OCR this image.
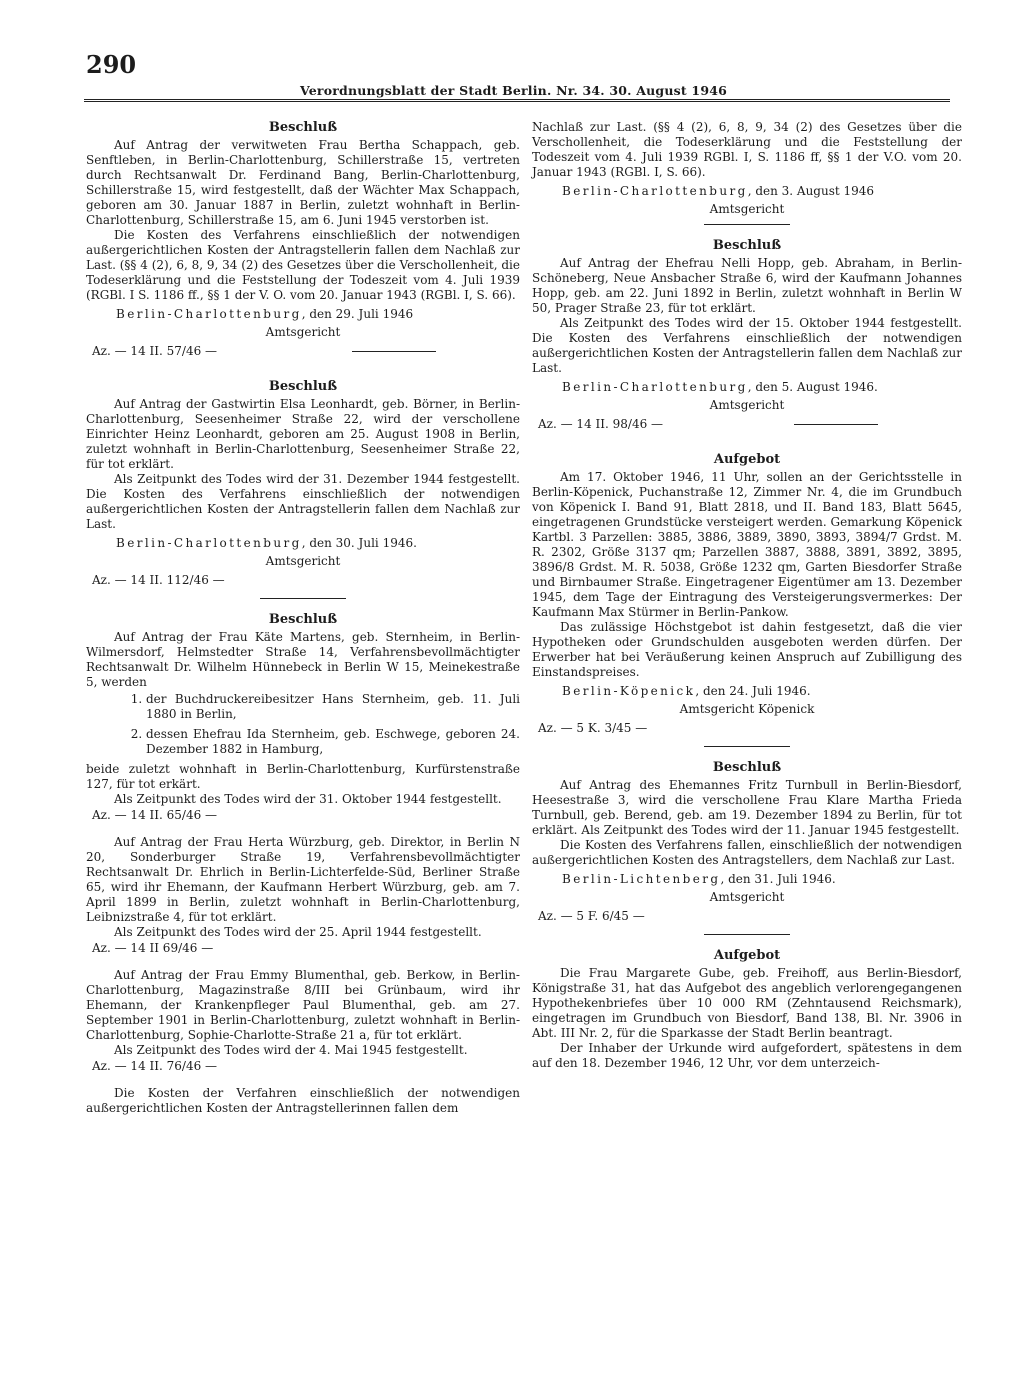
290
Verordnungsblatt der Stadt Berlin. Nr. 34. 30. August 1946
Beschluß

Auf Antrag der verwitweten Frau Bertha Schappach, geb. Senftleben, in Berlin-Charlottenburg, Schillerstraße 15, vertreten durch Rechtsanwalt Dr. Ferdinand Bang, Berlin-Charlottenburg, Schillerstraße 15, wird festgestellt, daß der Wächter Max Schappach, geboren am 30. Januar 1887 in Berlin, zuletzt wohnhaft in Berlin-Charlottenburg, Schillerstraße 15, am 6. Juni 1945 verstorben ist.

Die Kosten des Verfahrens einschließlich der notwendigen außergerichtlichen Kosten der Antragstellerin fallen dem Nachlaß zur Last. (§§ 4 (2), 6, 8, 9, 34 (2) des Gesetzes über die Verschollenheit, die Todeserklärung und die Feststellung der Todeszeit vom 4. Juli 1939 (RGBl. I S. 1186 ff., §§ 1 der V. O. vom 20. Januar 1943 (RGBl. I, S. 66).

Berlin-Charlottenburg, den 29. Juli 1946
Amtsgericht
Az. — 14 II. 57/46 —
Beschluß

Auf Antrag der Gastwirtin Elsa Leonhardt, geb. Börner, in Berlin-Charlottenburg, Seesenheimer Straße 22, wird der verschollene Einrichter Heinz Leonhardt, geboren am 25. August 1908 in Berlin, zuletzt wohnhaft in Berlin-Charlottenburg, Seesenheimer Straße 22, für tot erklärt.

Als Zeitpunkt des Todes wird der 31. Dezember 1944 festgestellt. Die Kosten des Verfahrens einschließlich der notwendigen außergerichtlichen Kosten der Antragstellerin fallen dem Nachlaß zur Last.

Berlin-Charlottenburg, den 30. Juli 1946.
Amtsgericht
Az. — 14 II. 112/46 —
Beschluß

Auf Antrag der Frau Käte Martens, geb. Sternheim, in Berlin-Wilmersdorf, Helmstedter Straße 14, Verfahrensbevollmächtigter Rechtsanwalt Dr. Wilhelm Hünnebeck in Berlin W 15, Meinekestraße 5, werden

1. der Buchdruckereibesitzer Hans Sternheim, geb. 11. Juli 1880 in Berlin,
2. dessen Ehefrau Ida Sternheim, geb. Eschwege, geboren 24. Dezember 1882 in Hamburg,

beide zuletzt wohnhaft in Berlin-Charlottenburg, Kurfürstenstraße 127, für tot erkärt.

Als Zeitpunkt des Todes wird der 31. Oktober 1944 festgestellt.

Az. — 14 II. 65/46 —

Auf Antrag der Frau Herta Würzburg, geb. Direktor, in Berlin N 20, Sonderburger Straße 19, Verfahrensbevollmächtigter Rechtsanwalt Dr. Ehrlich in Berlin-Lichterfelde-Süd, Berliner Straße 65, wird ihr Ehemann, der Kaufmann Herbert Würzburg, geb. am 7. April 1899 in Berlin, zuletzt wohnhaft in Berlin-Charlottenburg, Leibnizstraße 4, für tot erklärt.

Als Zeitpunkt des Todes wird der 25. April 1944 festgestellt.

Az. — 14 II 69/46 —

Auf Antrag der Frau Emmy Blumenthal, geb. Berkow, in Berlin-Charlottenburg, Magazinstraße 8/III bei Grünbaum, wird ihr Ehemann, der Krankenpfleger Paul Blumenthal, geb. am 27. September 1901 in Berlin-Charlottenburg, zuletzt wohnhaft in Berlin-Charlottenburg, Sophie-Charlotte-Straße 21 a, für tot erklärt.

Als Zeitpunkt des Todes wird der 4. Mai 1945 festgestellt.

Az. — 14 II. 76/46 —

Die Kosten der Verfahren einschließlich der notwendigen außergerichtlichen Kosten der Antragstellerinnen fallen dem

Nachlaß zur Last. (§§ 4 (2), 6, 8, 9, 34 (2) des Gesetzes über die Verschollenheit, die Todeserklärung und die Feststellung der Todeszeit vom 4. Juli 1939 RGBl. I, S. 1186 ff, §§ 1 der V.O. vom 20. Januar 1943 (RGBl. I, S. 66).

Berlin-Charlottenburg, den 3. August 1946
Amtsgericht
Beschluß

Auf Antrag der Ehefrau Nelli Hopp, geb. Abraham, in Berlin-Schöneberg, Neue Ansbacher Straße 6, wird der Kaufmann Johannes Hopp, geb. am 22. Juni 1892 in Berlin, zuletzt wohnhaft in Berlin W 50, Prager Straße 23, für tot erklärt.

Als Zeitpunkt des Todes wird der 15. Oktober 1944 festgestellt. Die Kosten des Verfahrens einschließlich der notwendigen außergerichtlichen Kosten der Antragstellerin fallen dem Nachlaß zur Last.

Berlin-Charlottenburg, den 5. August 1946.
Amtsgericht
Az. — 14 II. 98/46 —
Aufgebot

Am 17. Oktober 1946, 11 Uhr, sollen an der Gerichtsstelle in Berlin-Köpenick, Puchanstraße 12, Zimmer Nr. 4, die im Grundbuch von Köpenick I. Band 91, Blatt 2818, und II. Band 183, Blatt 5645, eingetragenen Grundstücke versteigert werden. Gemarkung Köpenick Kartbl. 3 Parzellen: 3885, 3886, 3889, 3890, 3893, 3894/7 Grdst. M. R. 2302, Größe 3137 qm; Parzellen 3887, 3888, 3891, 3892, 3895, 3896/8 Grdst. M. R. 5038, Größe 1232 qm, Garten Biesdorfer Straße und Birnbaumer Straße. Eingetragener Eigentümer am 13. Dezember 1945, dem Tage der Eintragung des Versteigerungsvermerkes: Der Kaufmann Max Stürmer in Berlin-Pankow.

Das zulässige Höchstgebot ist dahin festgesetzt, daß die vier Hypotheken oder Grundschulden ausgeboten werden dürfen. Der Erwerber hat bei Veräußerung keinen Anspruch auf Zubilligung des Einstandspreises.

Berlin-Köpenick, den 24. Juli 1946.
Amtsgericht Köpenick
Az. — 5 K. 3/45 —
Beschluß

Auf Antrag des Ehemannes Fritz Turnbull in Berlin-Biesdorf, Heesestraße 3, wird die verschollene Frau Klare Martha Frieda Turnbull, geb. Berend, geb. am 19. Dezember 1894 zu Berlin, für tot erklärt. Als Zeitpunkt des Todes wird der 11. Januar 1945 festgestellt.

Die Kosten des Verfahrens fallen, einschließlich der notwendigen außergerichtlichen Kosten des Antragstellers, dem Nachlaß zur Last.

Berlin-Lichtenberg, den 31. Juli 1946.
Amtsgericht
Az. — 5 F. 6/45 —
Aufgebot

Die Frau Margarete Gube, geb. Freihoff, aus Berlin-Biesdorf, Königstraße 31, hat das Aufgebot des angeblich verlorengegangenen Hypothekenbriefes über 10 000 RM (Zehntausend Reichsmark), eingetragen im Grundbuch von Biesdorf, Band 138, Bl. Nr. 3906 in Abt. III Nr. 2, für die Sparkasse der Stadt Berlin beantragt.

Der Inhaber der Urkunde wird aufgefordert, spätestens in dem auf den 18. Dezember 1946, 12 Uhr, vor dem unterzeich-
